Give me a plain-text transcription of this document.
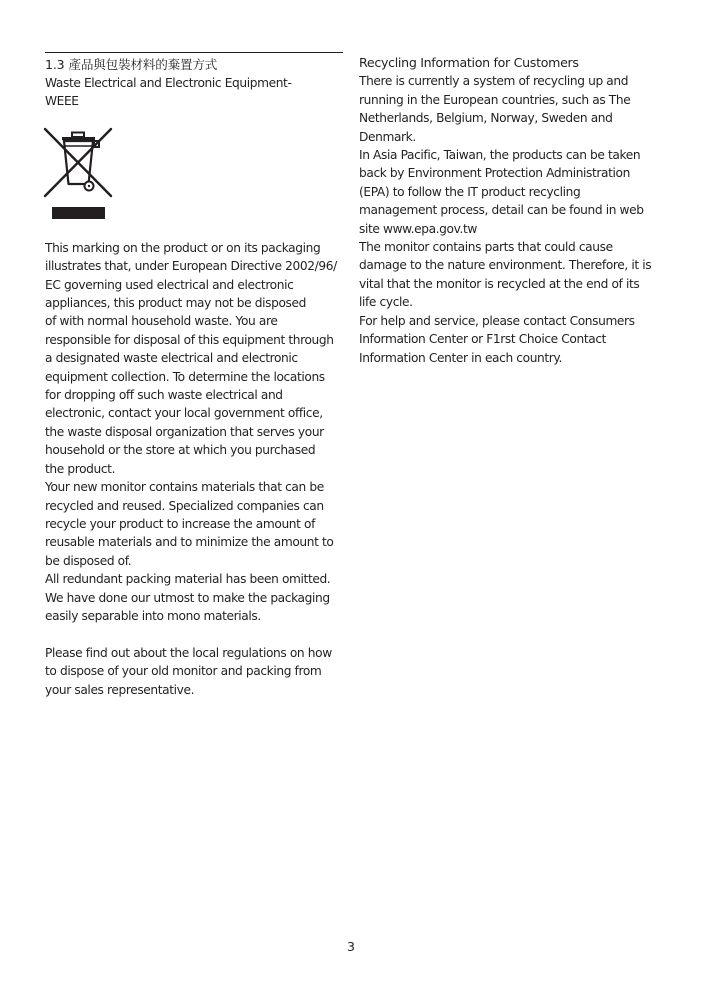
1.3 產品與包裝材料的棄置方式
Waste Electrical and Electronic Equipment-
WEEE

This marking on the product or on its packaging
illustrates that, under European Directive 2002/96/
EC governing used electrical and electronic
appliances, this product may not be disposed
of with normal household waste. You are
responsible for disposal of this equipment through
a designated waste electrical and electronic
equipment collection. To determine the locations
for dropping off such waste electrical and
electronic, contact your local government office,
the waste disposal organization that serves your
household or the store at which you purchased
the product.

Your new monitor contains materials that can be
recycled and reused. Specialized companies can
recycle your product to increase the amount of
reusable materials and to minimize the amount to
be disposed of.

All redundant packing material has been omitted.
We have done our utmost to make the packaging
easily separable into mono materials.

Please find out about the local regulations on how
to dispose of your old monitor and packing from
your sales representative.

Recycling Information for Customers

There is currently a system of recycling up and
running in the European countries, such as The
Netherlands, Belgium, Norway, Sweden and
Denmark.

In Asia Pacific, Taiwan, the products can be taken
back by Environment Protection Administration
(EPA) to follow the IT product recycling
management process, detail can be found in web
site www.epa.gov.tw

The monitor contains parts that could cause
damage to the nature environment. Therefore, it is
vital that the monitor is recycled at the end of its
life cycle.

For help and service, please contact Consumers
Information Center or F1rst Choice Contact
Information Center in each country.

3
